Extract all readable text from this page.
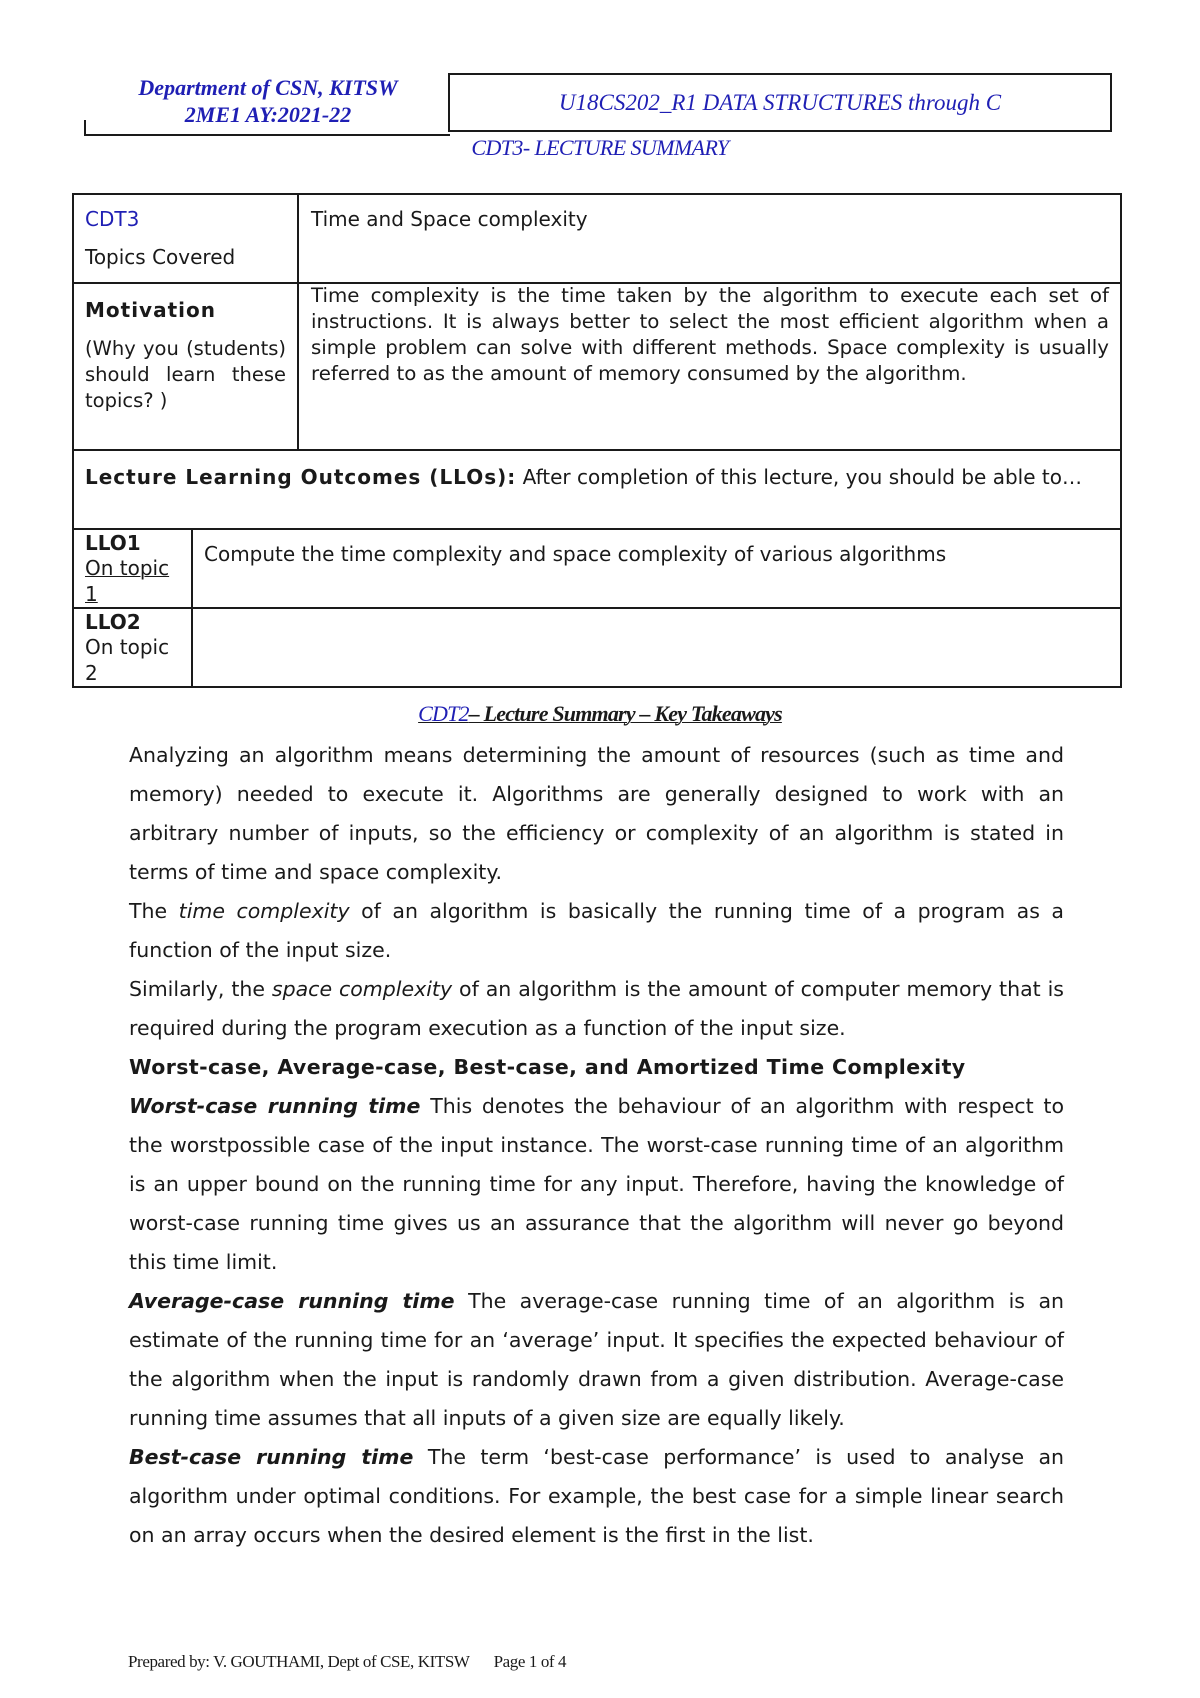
Department of CSN, KITSW
2ME1 AY:2021-22	U18CS202_R1 DATA STRUCTURES through C
CDT3- LECTURE SUMMARY
CDT3
Topics Covered
Time and Space complexity
Motivation
(Why you (students) should learn these topics? )
Time complexity is the time taken by the algorithm to execute each set of instructions. It is always better to select the most efficient algorithm when a simple problem can solve with different methods. Space complexity is usually referred to as the amount of memory consumed by the algorithm.
Lecture Learning Outcomes (LLOs): After completion of this lecture, you should be able to…
LLO1
On topic 1
Compute the time complexity and space complexity of various algorithms
LLO2
On topic 2
CDT2– Lecture Summary – Key Takeaways

Analyzing an algorithm means determining the amount of resources (such as time and memory) needed to execute it. Algorithms are generally designed to work with an arbitrary number of inputs, so the efficiency or complexity of an algorithm is stated in terms of time and space complexity.

The time complexity of an algorithm is basically the running time of a program as a function of the input size.

Similarly, the space complexity of an algorithm is the amount of computer memory that is required during the program execution as a function of the input size.

Worst-case, Average-case, Best-case, and Amortized Time Complexity

Worst-case running time This denotes the behaviour of an algorithm with respect to the worstpossible case of the input instance. The worst-case running time of an algorithm is an upper bound on the running time for any input. Therefore, having the knowledge of worst-case running time gives us an assurance that the algorithm will never go beyond this time limit.

Average-case running time The average-case running time of an algorithm is an estimate of the running time for an ‘average’ input. It specifies the expected behaviour of the algorithm when the input is randomly drawn from a given distribution. Average-case running time assumes that all inputs of a given size are equally likely.

Best-case running time The term ‘best-case performance’ is used to analyse an algorithm under optimal conditions. For example, the best case for a simple linear search on an array occurs when the desired element is the first in the list.

Prepared by: V. GOUTHAMI, Dept of CSE, KITSW Page 1 of 4
